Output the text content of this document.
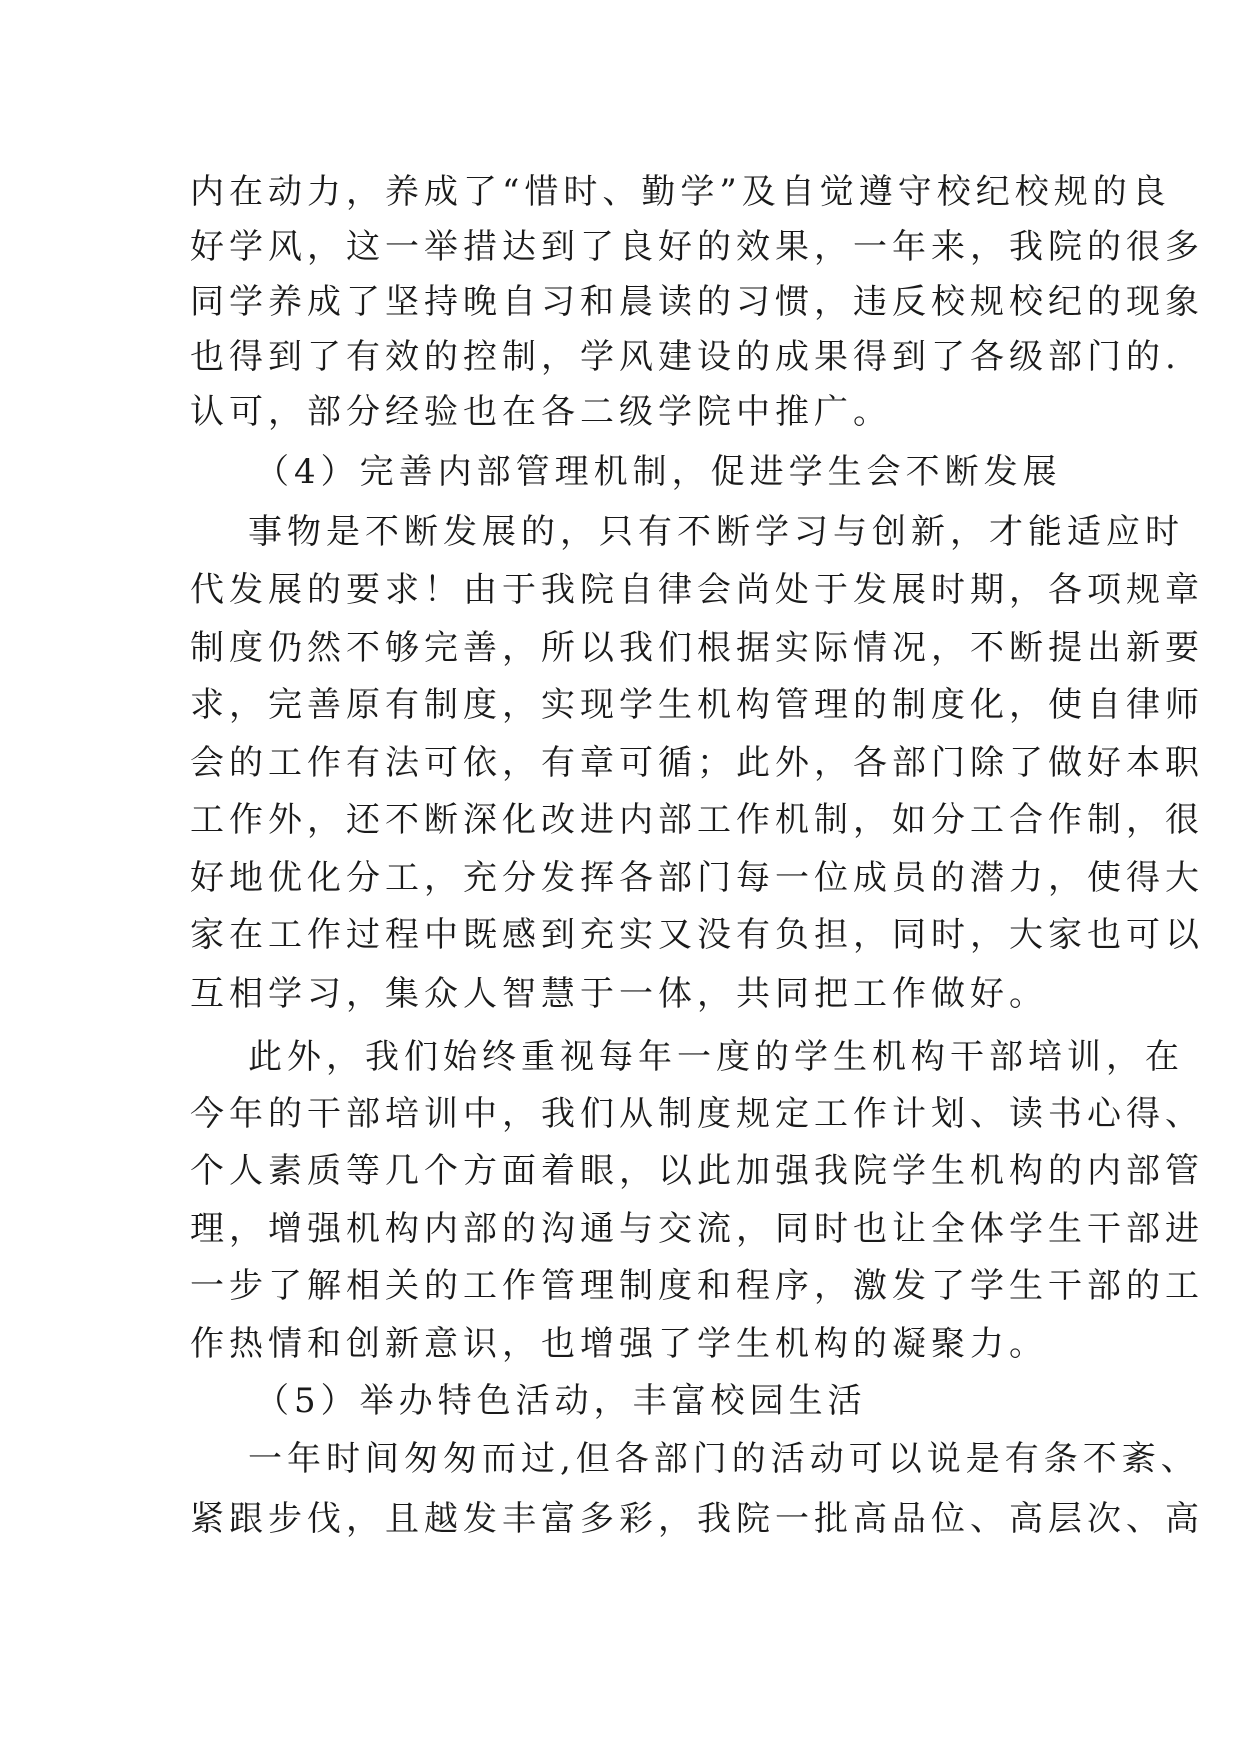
内在动力，养成了“惜时、勤学”及自觉遵守校纪校规的良
好学风，这一举措达到了良好的效果，一年来，我院的很多
同学养成了坚持晚自习和晨读的习惯，违反校规校纪的现象
也得到了有效的控制，学风建设的成果得到了各级部门的.
认可，部分经验也在各二级学院中推广。
（4）完善内部管理机制，促进学生会不断发展
事物是不断发展的，只有不断学习与创新，才能适应时
代发展的要求！由于我院自律会尚处于发展时期，各项规章
制度仍然不够完善，所以我们根据实际情况，不断提出新要
求，完善原有制度，实现学生机构管理的制度化，使自律师
会的工作有法可依，有章可循；此外，各部门除了做好本职
工作外，还不断深化改进内部工作机制，如分工合作制，很
好地优化分工，充分发挥各部门每一位成员的潜力，使得大
家在工作过程中既感到充实又没有负担，同时，大家也可以
互相学习，集众人智慧于一体，共同把工作做好。
此外，我们始终重视每年一度的学生机构干部培训，在
今年的干部培训中，我们从制度规定工作计划、读书心得、
个人素质等几个方面着眼，以此加强我院学生机构的内部管
理，增强机构内部的沟通与交流，同时也让全体学生干部进
一步了解相关的工作管理制度和程序，激发了学生干部的工
作热情和创新意识，也增强了学生机构的凝聚力。
（5）举办特色活动，丰富校园生活
一年时间匆匆而过,但各部门的活动可以说是有条不紊、
紧跟步伐，且越发丰富多彩，我院一批高品位、高层次、高
